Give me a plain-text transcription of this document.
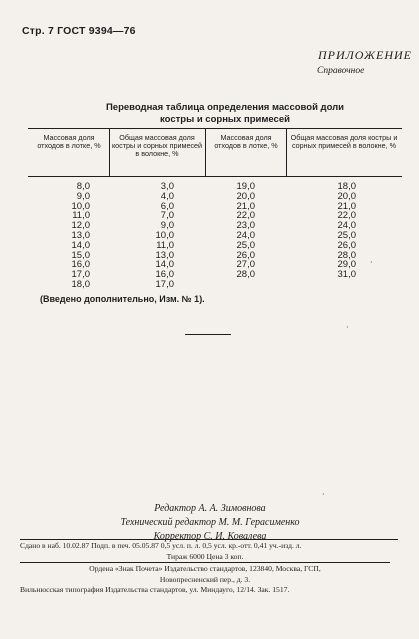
Стр. 7 ГОСТ 9394—76
ПРИЛОЖЕНИЕ
Справочное
Переводная таблица определения массовой доли
костры и сорных примесей
Массовая доля отходов в лотке, %
Общая массовая доля костры и сорных примесей в волокне, %
Массовая доля отходов в лотке, %
Общая массовая доля костры и сорных примесей в волокне, %
8,0
9,0
10,0
11,0
12,0
13,0
14,0
15,0
16,0
17,0
18,0
3,0
4,0
6,0
7,0
9,0
10,0
11,0
13,0
14,0
16,0
17,0
19,0
20,0
21,0
22,0
23,0
24,0
25,0
26,0
27,0
28,0
18,0
20,0
21,0
22,0
24,0
25,0
26,0
28,0
29,0
31,0
(Введено дополнительно, Изм. № 1).
·
·
·
Редактор А. А. Зимовнова
Технический редактор М. М. Герасименко
Корректор С. И. Ковалева
Сдано в наб. 10.02.87 Подп. в печ. 05.05.87 0,5 усл. п. л. 0,5 усл. кр.-отт. 0,41 уч.-изд. л.
Тираж 6000 Цена 3 коп.
Ордена «Знак Почета» Издательство стандартов, 123840, Москва, ГСП,
Новопресненский пер., д. 3.
Вильнюсская типография Издательства стандартов, ул. Миндауго, 12/14. Зак. 1517.
